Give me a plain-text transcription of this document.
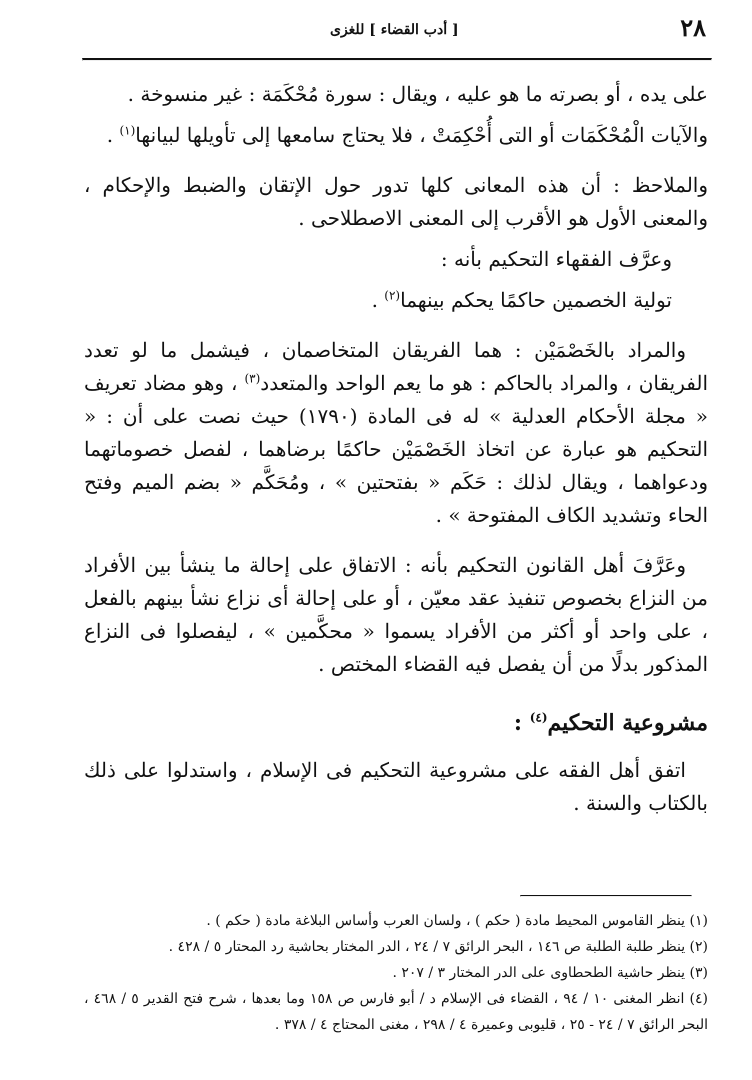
٢٨
[ أدب القضاء ] للغزى

على يده ، أو بصرته ما هو عليه ، ويقال : سورة مُحْكَمَة : غير منسوخة .

والآيات الْمُحْكَمَات أو التى أُحْكِمَتْ ، فلا يحتاج سامعها إلى تأويلها لبيانها$^{(١)}$ .

والملاحظ : أن هذه المعانى كلها تدور حول الإتقان والضبط والإحكام ، والمعنى الأول هو الأقرب إلى المعنى الاصطلاحى .

وعرَّف الفقهاء التحكيم بأنه :

تولية الخصمين حاكمًا يحكم بينهما$^{(٢)}$ .

والمراد بالخَصْمَيْن : هما الفريقان المتخاصمان ، فيشمل ما لو تعدد الفريقان ، والمراد بالحاكم : هو ما يعم الواحد والمتعدد$^{(٣)}$ ، وهو مضاد تعريف « مجلة الأحكام العدلية » له فى المادة (١٧٩٠) حيث نصت على أن : « التحكيم هو عبارة عن اتخاذ الخَصْمَيْن حاكمًا برضاهما ، لفصل خصوماتهما ودعواهما ، ويقال لذلك : حَكَم « بفتحتين » ، ومُحَكَّم « بضم الميم وفتح الحاء وتشديد الكاف المفتوحة » .

وعَرَّفَ أهل القانون التحكيم بأنه : الاتفاق على إحالة ما ينشأ بين الأفراد من النزاع بخصوص تنفيذ عقد معيّن ، أو على إحالة أى نزاع نشأ بينهم بالفعل ، على واحد أو أكثر من الأفراد يسموا « محكَّمين » ، ليفصلوا فى النزاع المذكور بدلًا من أن يفصل فيه القضاء المختص .

مشروعية التحكيم$^{(٤)}$ :

اتفق أهل الفقه على مشروعية التحكيم فى الإسلام ، واستدلوا على ذلك بالكتاب والسنة .

(١) ينظر القاموس المحيط مادة ( حكم ) ، ولسان العرب وأساس البلاغة مادة ( حكم ) .

(٢) ينظر طلبة الطلبة ص ١٤٦ ، البحر الرائق ٧ / ٢٤ ، الدر المختار بحاشية رد المحتار ٥ / ٤٢٨ .

(٣) ينظر حاشية الطحطاوى على الدر المختار ٣ / ٢٠٧ .

(٤) انظر المغنى ١٠ / ٩٤ ، القضاء فى الإسلام د / أبو فارس ص ١٥٨ وما بعدها ، شرح فتح القدير ٥ / ٤٦٨ ، البحر الرائق ٧ / ٢٤ - ٢٥ ، قليوبى وعميرة ٤ / ٢٩٨ ، مغنى المحتاج ٤ / ٣٧٨ .
